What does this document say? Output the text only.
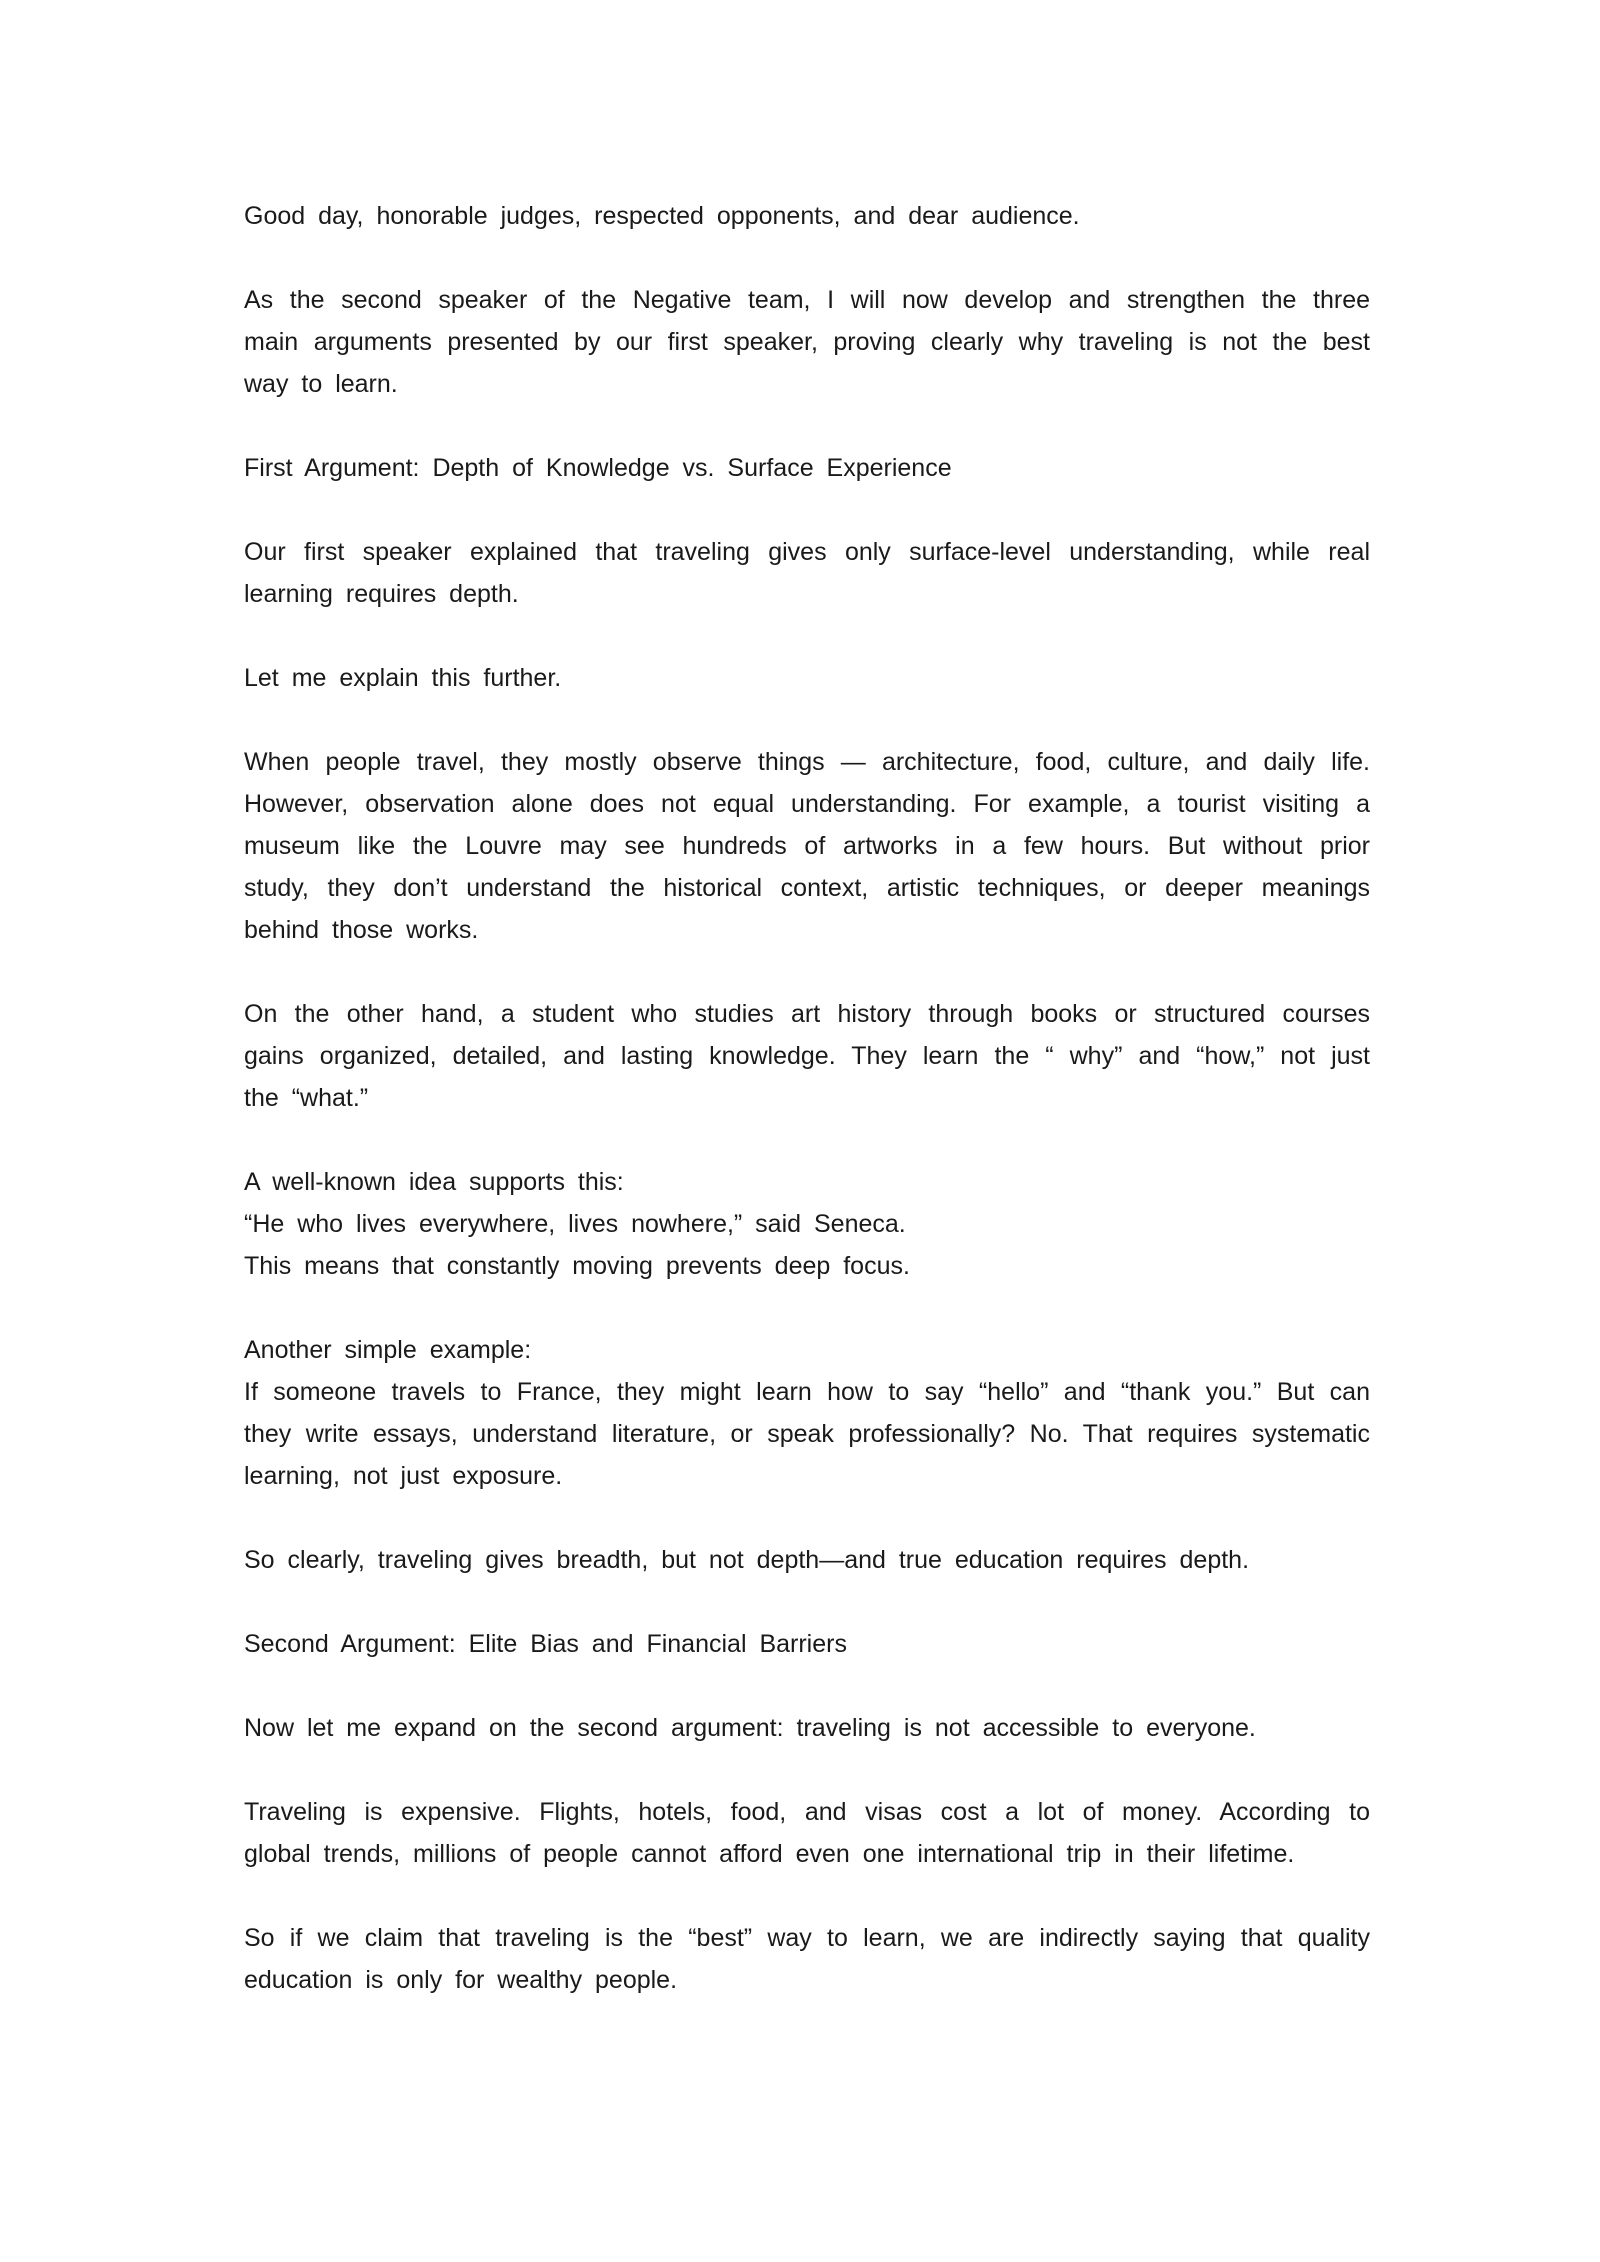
Good day, honorable judges, respected opponents, and dear audience.

As the second speaker of the Negative team, I will now develop and strengthen the three main arguments presented by our first speaker, proving clearly why traveling is not the best way to learn.

First Argument: Depth of Knowledge vs. Surface Experience

Our first speaker explained that traveling gives only surface-level understanding, while real learning requires depth.

Let me explain this further.

When people travel, they mostly observe things — architecture, food, culture, and daily life. However, observation alone does not equal understanding. For example, a tourist visiting a museum like the Louvre may see hundreds of artworks in a few hours. But without prior study, they don’t understand the historical context, artistic techniques, or deeper meanings behind those works.

On the other hand, a student who studies art history through books or structured courses gains organized, detailed, and lasting knowledge. They learn the “ why” and “how,” not just the “what.”

A well-known idea supports this:
“He who lives everywhere, lives nowhere,” said Seneca.
This means that constantly moving prevents deep focus.

Another simple example:
If someone travels to France, they might learn how to say “hello” and “thank you.” But can they write essays, understand literature, or speak professionally? No. That requires systematic learning, not just exposure.

So clearly, traveling gives breadth, but not depth—and true education requires depth.

Second Argument: Elite Bias and Financial Barriers

Now let me expand on the second argument: traveling is not accessible to everyone.

Traveling is expensive. Flights, hotels, food, and visas cost a lot of money. According to global trends, millions of people cannot afford even one international trip in their lifetime.

So if we claim that traveling is the “best” way to learn, we are indirectly saying that quality education is only for wealthy people.
